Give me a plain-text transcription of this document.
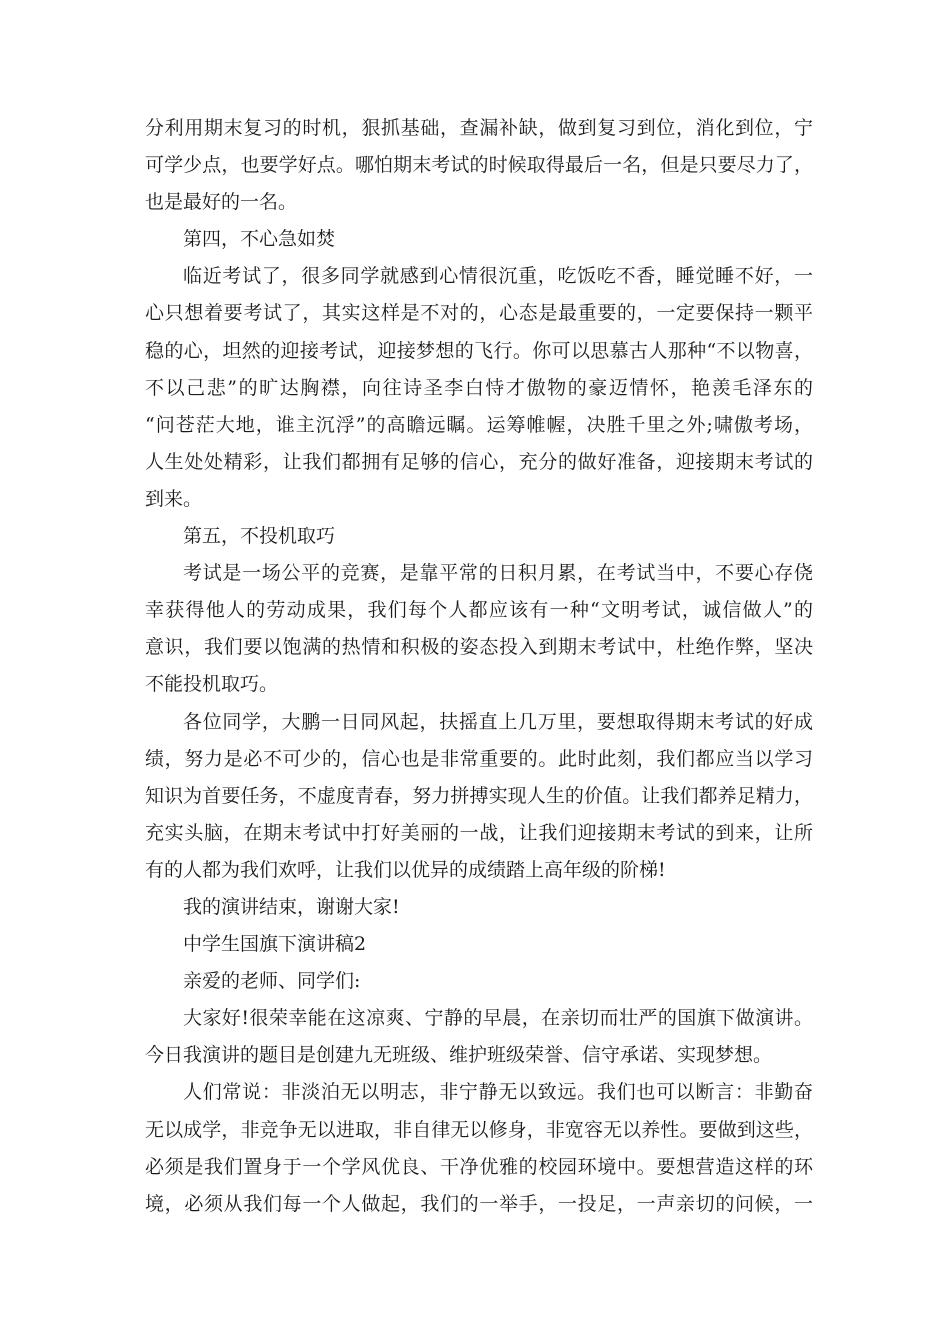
分利用期末复习的时机，狠抓基础，查漏补缺，做到复习到位，消化到位，宁
可学少点，也要学好点。哪怕期末考试的时候取得最后一名，但是只要尽力了，
也是最好的一名。
第四，不心急如焚
临近考试了，很多同学就感到心情很沉重，吃饭吃不香，睡觉睡不好，一
心只想着要考试了，其实这样是不对的，心态是最重要的，一定要保持一颗平
稳的心，坦然的迎接考试，迎接梦想的飞行。你可以思慕古人那种“不以物喜，
不以己悲”的旷达胸襟，向往诗圣李白恃才傲物的豪迈情怀，艳羡毛泽东的
“问苍茫大地，谁主沉浮”的高瞻远瞩。运筹帷幄，决胜千里之外;啸傲考场，
人生处处精彩，让我们都拥有足够的信心，充分的做好准备，迎接期末考试的
到来。
第五，不投机取巧
考试是一场公平的竞赛，是靠平常的日积月累，在考试当中，不要心存侥
幸获得他人的劳动成果，我们每个人都应该有一种“文明考试，诚信做人”的
意识，我们要以饱满的热情和积极的姿态投入到期末考试中，杜绝作弊，坚决
不能投机取巧。
各位同学，大鹏一日同风起，扶摇直上几万里，要想取得期末考试的好成
绩，努力是必不可少的，信心也是非常重要的。此时此刻，我们都应当以学习
知识为首要任务，不虚度青春，努力拼搏实现人生的价值。让我们都养足精力，
充实头脑，在期末考试中打好美丽的一战，让我们迎接期末考试的到来，让所
有的人都为我们欢呼，让我们以优异的成绩踏上高年级的阶梯!
我的演讲结束，谢谢大家!
中学生国旗下演讲稿2
亲爱的老师、同学们:
大家好!很荣幸能在这凉爽、宁静的早晨，在亲切而壮严的国旗下做演讲。
今日我演讲的题目是创建九无班级、维护班级荣誉、信守承诺、实现梦想。
人们常说：非淡泊无以明志，非宁静无以致远。我们也可以断言：非勤奋
无以成学，非竞争无以进取，非自律无以修身，非宽容无以养性。要做到这些，
必须是我们置身于一个学风优良、干净优雅的校园环境中。要想营造这样的环
境，必须从我们每一个人做起，我们的一举手，一投足，一声亲切的问候，一
